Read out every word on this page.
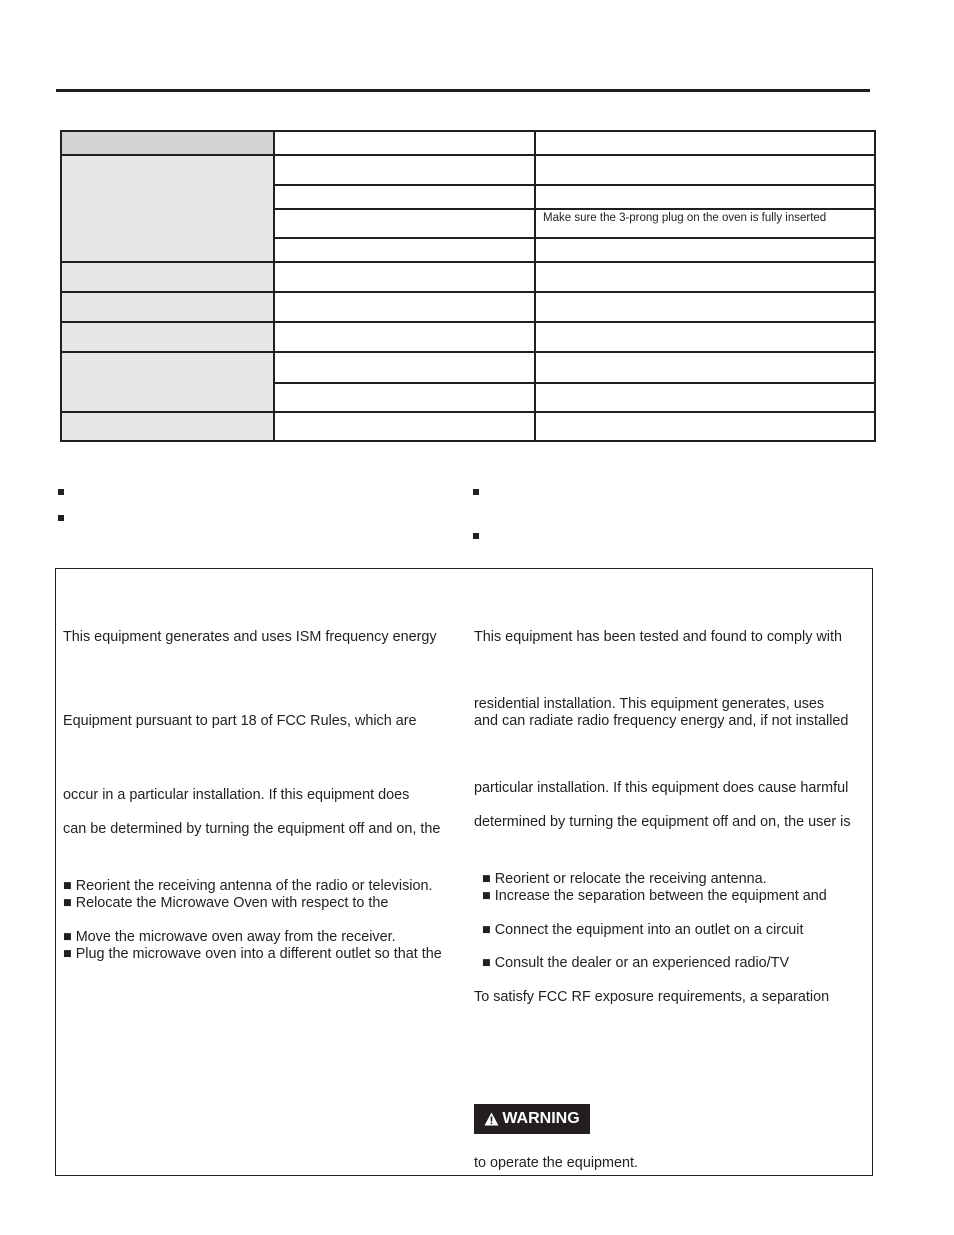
		Make sure the 3-prong plug on the oven is fully inserted

This equipment generates and uses ISM frequency energy
Equipment pursuant to part 18 of FCC Rules, which are
occur in a particular installation. If this equipment does
can be determined by turning the equipment off and on, the
■ Reorient the receiving antenna of the radio or television.
■ Relocate the Microwave Oven with respect to the
■ Move the microwave oven away from the receiver.
■ Plug the microwave oven into a different outlet so that the
This equipment has been tested and found to comply with
residential installation. This equipment generates, uses
and can radiate radio frequency energy and, if not installed
particular installation. If this equipment does cause harmful
determined by turning the equipment off and on, the user is
■ Reorient or relocate the receiving antenna.
■ Increase the separation between the equipment and
■ Connect the equipment into an outlet on a circuit
■ Consult the dealer or an experienced radio/TV
To satisfy FCC RF exposure requirements, a separation
WARNING
to operate the equipment.
